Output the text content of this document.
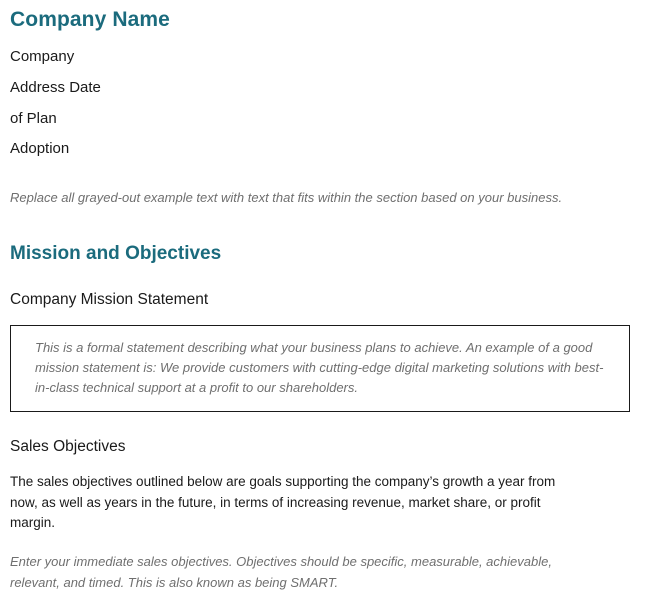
Company Name

Company

Address Date

of Plan

Adoption

Replace all grayed-out example text with text that fits within the section based on your business.

Mission and Objectives
Company Mission Statement

This is a formal statement describing what your business plans to achieve. An example of a good mission statement is: We provide customers with cutting-edge digital marketing solutions with best-in-class technical support at a profit to our shareholders.

Sales Objectives

The sales objectives outlined below are goals supporting the company’s growth a year from now, as well as years in the future, in terms of increasing revenue, market share, or profit margin.

Enter your immediate sales objectives. Objectives should be specific, measurable, achievable, relevant, and timed. This is also known as being SMART.
